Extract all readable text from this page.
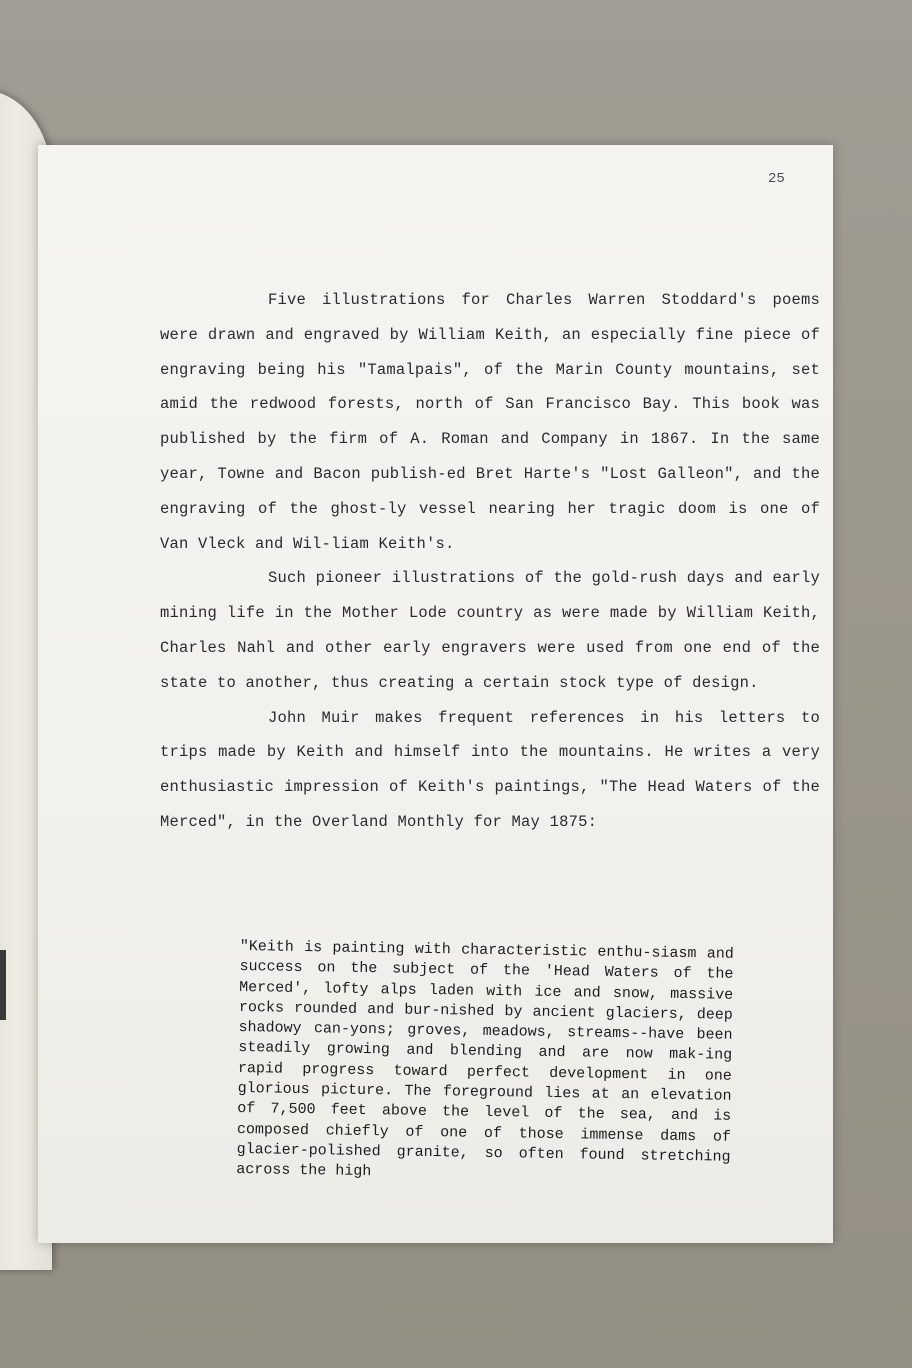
25

Five illustrations for Charles Warren Stoddard's poems were drawn and engraved by William Keith, an especially fine piece of engraving being his "Tamalpais", of the Marin County mountains, set amid the redwood forests, north of San Francisco Bay. This book was published by the firm of A. Roman and Company in 1867. In the same year, Towne and Bacon publish-ed Bret Harte's "Lost Galleon", and the engraving of the ghost-ly vessel nearing her tragic doom is one of Van Vleck and Wil-liam Keith's.

Such pioneer illustrations of the gold-rush days and early mining life in the Mother Lode country as were made by William Keith, Charles Nahl and other early engravers were used from one end of the state to another, thus creating a certain stock type of design.

John Muir makes frequent references in his letters to trips made by Keith and himself into the mountains. He writes a very enthusiastic impression of Keith's paintings, "The Head Waters of the Merced", in the Overland Monthly for May 1875:

"Keith is painting with characteristic enthu-siasm and success on the subject of the 'Head Waters of the Merced', lofty alps laden with ice and snow, massive rocks rounded and bur-nished by ancient glaciers, deep shadowy can-yons; groves, meadows, streams--have been steadily growing and blending and are now mak-ing rapid progress toward perfect development in one glorious picture. The foreground lies at an elevation of 7,500 feet above the level of the sea, and is composed chiefly of one of those immense dams of glacier-polished granite, so often found stretching across the high
